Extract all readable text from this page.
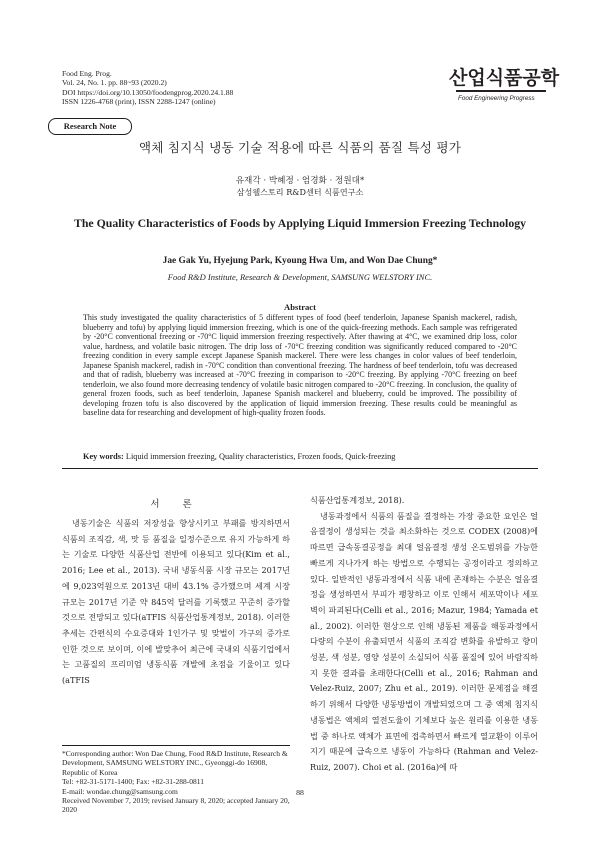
Food Eng. Prog.
Vol. 24, No. 1. pp. 88~93 (2020.2)
DOI https://doi.org/10.13050/foodengprog.2020.24.1.88
ISSN 1226-4768 (print), ISSN 2288-1247 (online)
산업식품공학
Food Engineering Progress
Research Note
액체 침지식 냉동 기술 적용에 따른 식품의 품질 특성 평가
유재각 · 박혜정 · 엄경화 · 정원대*
삼성웰스토리 R&D센터 식품연구소
The Quality Characteristics of Foods by Applying Liquid Immersion Freezing Technology
Jae Gak Yu, Hyejung Park, Kyoung Hwa Um, and Won Dae Chung*
Food R&D Institute, Research & Development, SAMSUNG WELSTORY INC.
Abstract
This study investigated the quality characteristics of 5 different types of food (beef tenderloin, Japanese Spanish mackerel, radish, blueberry and tofu) by applying liquid immersion freezing, which is one of the quick-freezing methods. Each sample was refrigerated by -20°C conventional freezing or -70°C liquid immersion freezing respectively. After thawing at 4°C, we examined drip loss, color value, hardness, and volatile basic nitrogen. The drip loss of -70°C freezing condition was significantly reduced compared to -20°C freezing condition in every sample except Japanese Spanish mackerel. There were less changes in color values of beef tenderloin, Japanese Spanish mackerel, radish in -70°C condition than conventional freezing. The hardness of beef tenderloin, tofu was decreased and that of radish, blueberry was increased at -70°C freezing in comparison to -20°C freezing. By applying -70°C freezing on beef tenderloin, we also found more decreasing tendency of volatile basic nitrogen compared to -20°C freezing. In conclusion, the quality of general frozen foods, such as beef tenderloin, Japanese Spanish mackerel and blueberry, could be improved. The possibility of developing frozen tofu is also discovered by the application of liquid immersion freezing. These results could be meaningful as baseline data for researching and development of high-quality frozen foods.
Key words: Liquid immersion freezing, Quality characteristics, Frozen foods, Quick-freezing
서 론

냉동기술은 식품의 저장성을 향상시키고 부패를 방지하면서 식품의 조직감, 색, 맛 등 품질을 일정수준으로 유지 가능하게 하는 기술로 다양한 식품산업 전반에 이용되고 있다(Kim et al., 2016; Lee et al., 2013). 국내 냉동식품 시장 규모는 2017년에 9,023억원으로 2013년 대비 43.1% 증가했으며 세계 시장 규모는 2017년 기준 약 845억 달러를 기록했고 꾸준히 증가할 것으로 전망되고 있다(aTFIS 식품산업통계정보, 2018). 이러한 추세는 간편식의 수요증대와 1인가구 및 맞벌이 가구의 증가로 인한 것으로 보이며, 이에 발맞추어 최근에 국내외 식품기업에서는 고품질의 프리미엄 냉동식품 개발에 초점을 기울이고 있다(aTFIS

식품산업통계정보, 2018).

냉동과정에서 식품의 품질을 결정하는 가장 중요한 요인은 얼음결정이 생성되는 것을 최소화하는 것으로 CODEX (2008)에 따르면 급속동결공정을 최대 얼음결정 생성 온도범위를 가능한 빠르게 지나가게 하는 방법으로 수행되는 공정이라고 정의하고 있다. 일반적인 냉동과정에서 식품 내에 존재하는 수분은 얼음결정을 생성하면서 부피가 팽창하고 이로 인해서 세포막이나 세포벽이 파괴된다(Celli et al., 2016; Mazur, 1984; Yamada et al., 2002). 이러한 현상으로 인해 냉동된 제품을 해동과정에서 다량의 수분이 유출되면서 식품의 조직감 변화를 유발하고 향미 성분, 색 성분, 영양 성분이 소실되어 식품 품질에 있어 바람직하지 못한 결과를 초래한다(Celli et al., 2016; Rahman and Velez-Ruiz, 2007; Zhu et al., 2019). 이러한 문제점을 해결하기 위해서 다양한 냉동방법이 개발되었으며 그 중 액체 침지식 냉동법은 액체의 열전도율이 기체보다 높은 원리를 이용한 냉동법 중 하나로 액체가 표면에 접촉하면서 빠르게 열교환이 이루어지기 때문에 급속으로 냉동이 가능하다 (Rahman and Velez-Ruiz, 2007). Choi et al. (2016a)에 따

*Corresponding author: Won Dae Chung, Food R&D Institute, Research & Development, SAMSUNG WELSTORY INC., Gyeonggi-do 16908, Republic of Korea

Tel: +82-31-5171-1400; Fax: +82-31-288-0811

E-mail: wondae.chung@samsung.com

Received November 7, 2019; revised January 8, 2020; accepted January 20, 2020

88
